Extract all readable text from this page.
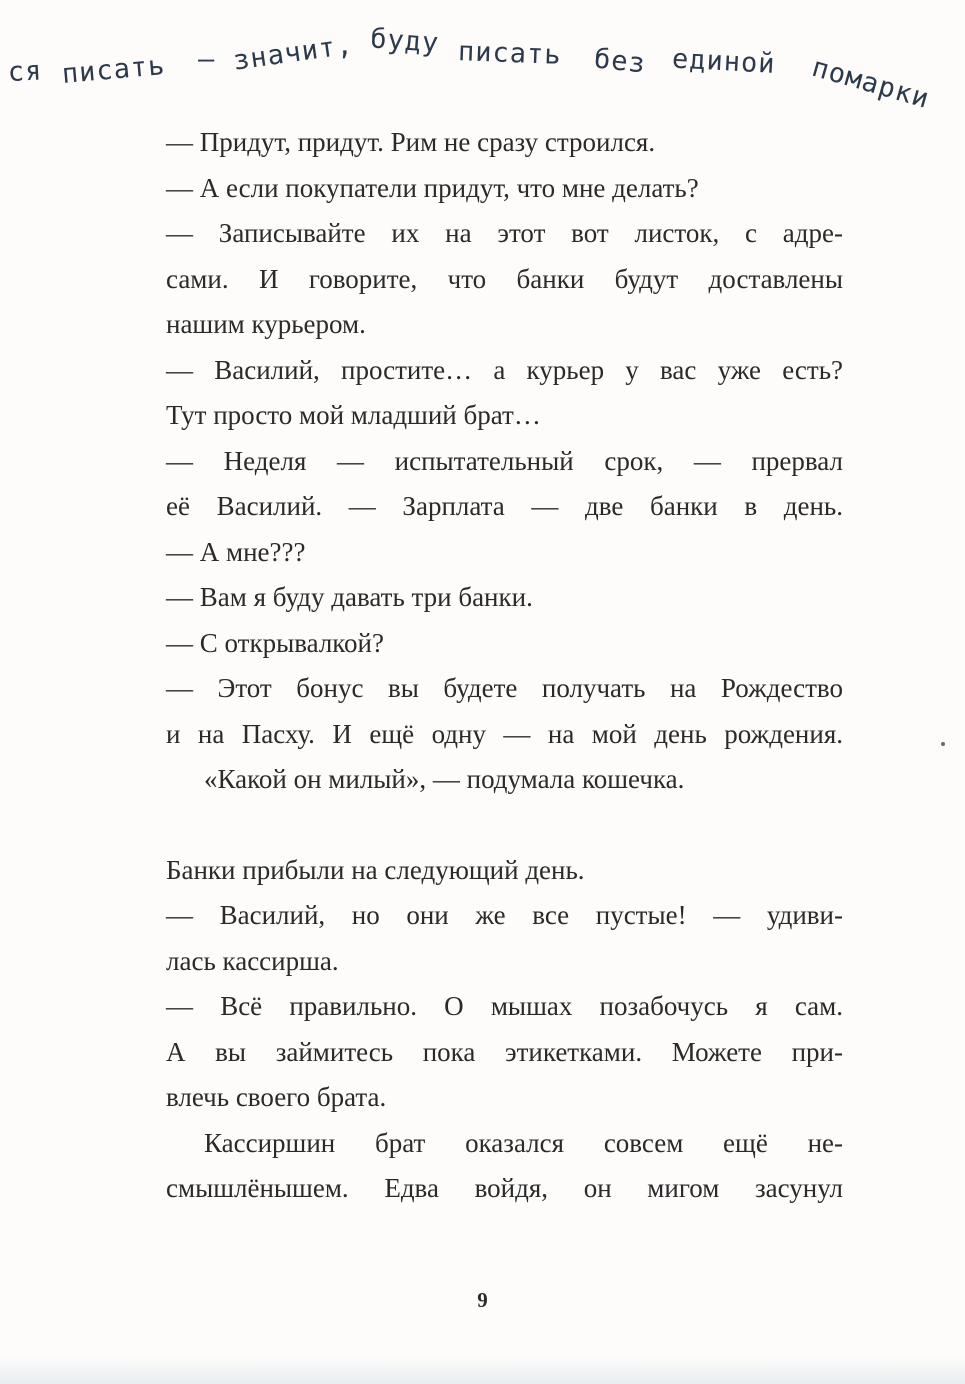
ся писать — значит, буду писать без единой помарки
— Придут, придут. Рим не сразу строился.
— А если покупатели придут, что мне делать?
— Записывайте их на этот вот листок, с адре-
сами. И говорите, что банки будут доставлены
нашим курьером.
— Василий, простите… а курьер у вас уже есть?
Тут просто мой младший брат…
— Неделя — испытательный срок, — прервал
её Василий. — Зарплата — две банки в день.
— А мне???
— Вам я буду давать три банки.
— С открывалкой?
— Этот бонус вы будете получать на Рождество
и на Пасху. И ещё одну — на мой день рождения.
«Какой он милый», — подумала кошечка.
Банки прибыли на следующий день.
— Василий, но они же все пустые! — удиви-
лась кассирша.
— Всё правильно. О мышах позабочусь я сам.
А вы займитесь пока этикетками. Можете при-
влечь своего брата.
Кассиршин брат оказался совсем ещё не-
смышлёнышем. Едва войдя, он мигом засунул
9
